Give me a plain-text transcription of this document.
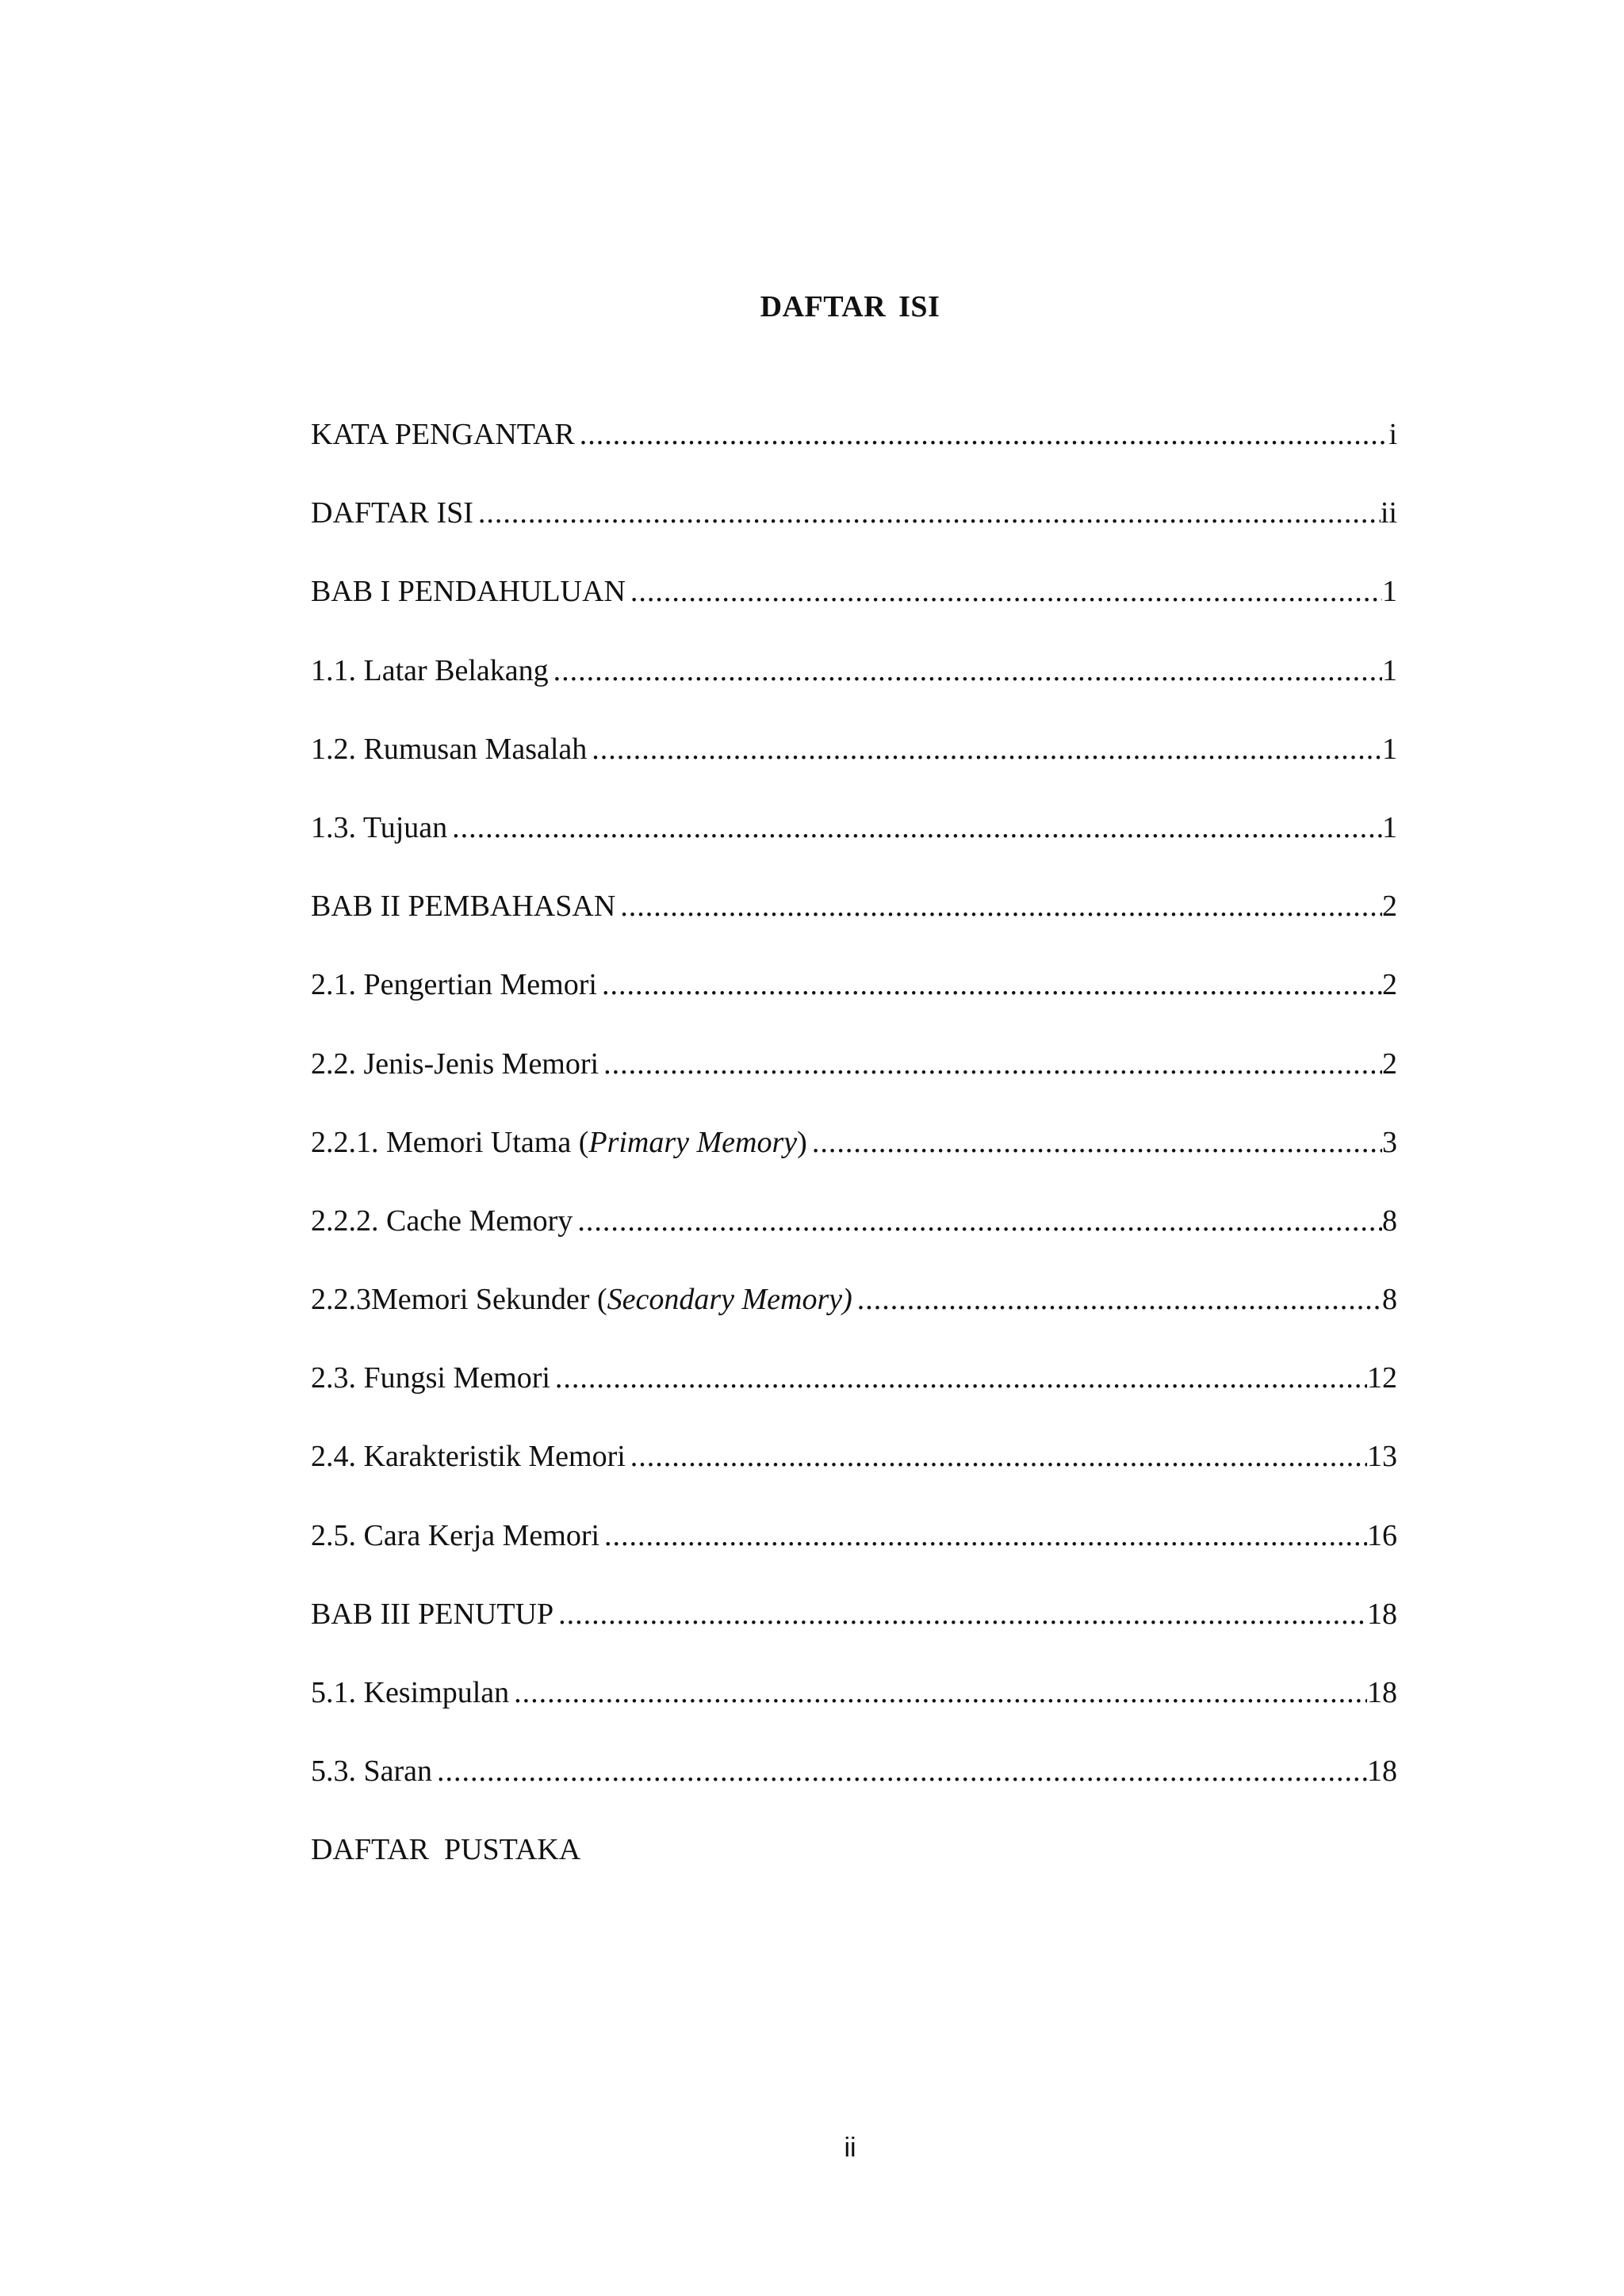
DAFTAR ISI
KATA PENGANTAR .....	i
DAFTAR ISI .....	ii
BAB I PENDAHULUAN .....	1
1.1. Latar Belakang .....	1
1.2. Rumusan Masalah .....	1
1.3. Tujuan .....	1
BAB II PEMBAHASAN .....	2
2.1. Pengertian Memori .....	2
2.2. Jenis-Jenis Memori .....	2
2.2.1. Memori Utama (Primary Memory) .....	3
2.2.2. Cache Memory .....	8
2.2.3Memori Sekunder (Secondary Memory) .....	8
2.3. Fungsi Memori .....	12
2.4. Karakteristik Memori .....	13
2.5. Cara Kerja Memori .....	16
BAB III PENUTUP .....	18
5.1. Kesimpulan .....	18
5.3. Saran .....	18
DAFTAR  PUSTAKA
ii
